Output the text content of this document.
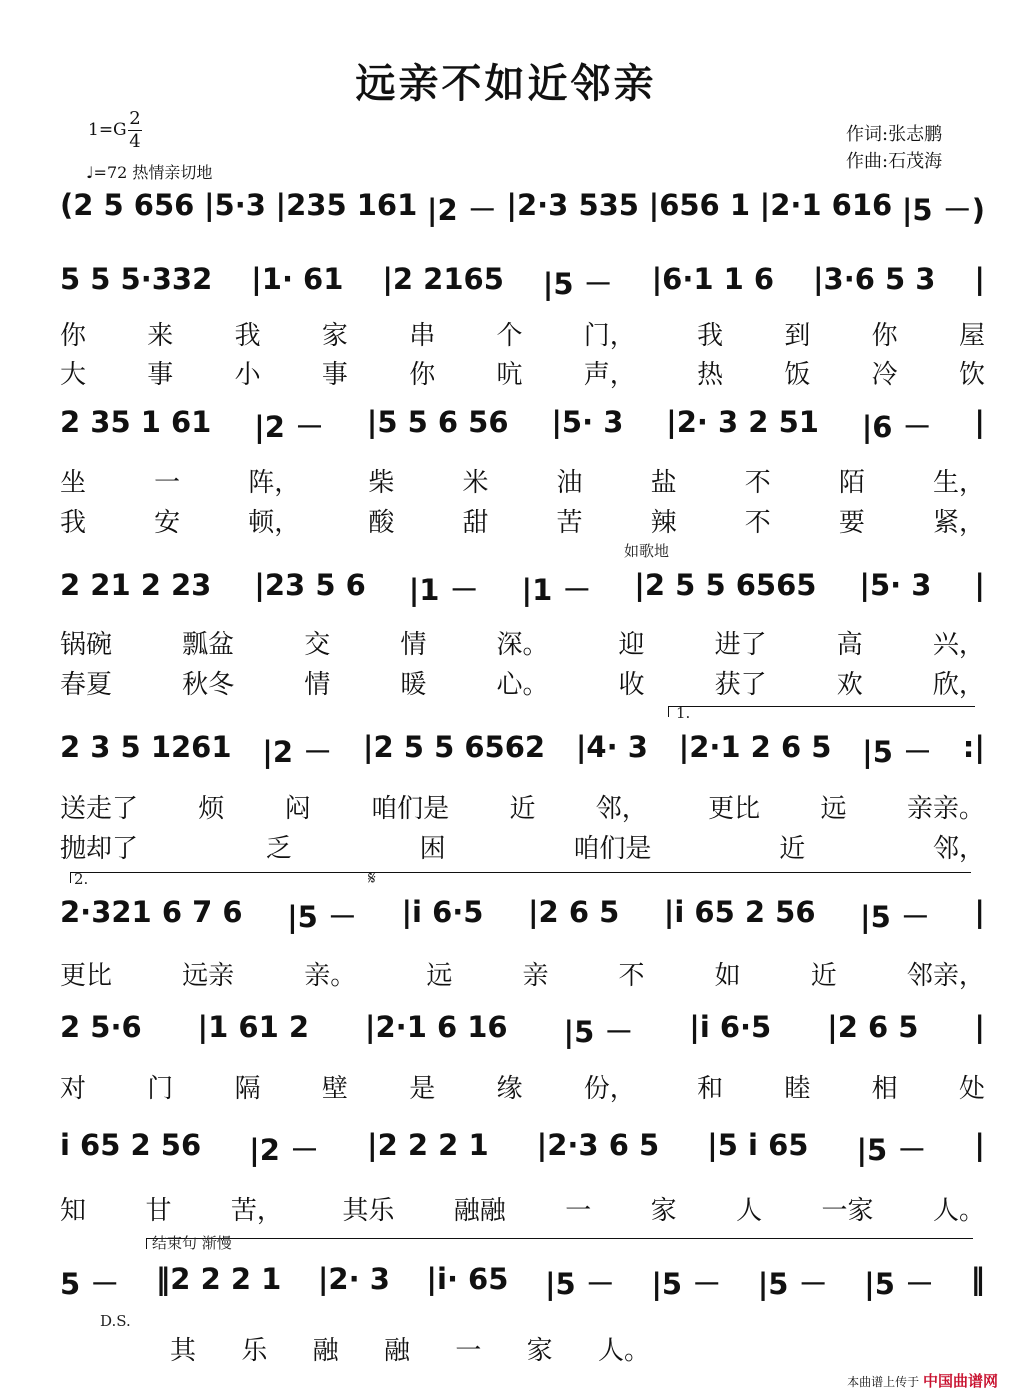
远亲不如近邻亲
1=G
2
4
♩=72 热情亲切地
作词:张志鹏
作曲:石茂海
(2 5 656 |5·3 |235 161 |2 － |2·3 535 |656 1 |2·1 616 |5 －)
5 5 5·332 |1· 61 |2 2165 |5 － |6·1 1 6 |3·6 5 3 |
2 35 1 61 |2 － |5 5 6 56 |5· 3 |2· 3 2 51 |6 － |
2 21 2 23 |23 5 6 |1 － |1 － |2 5 5 6565 |5· 3 |
2 3 5 1261 |2 － |2 5 5 6562 |4· 3 |2·1 2 6 5 |5 － :|
2·321 6 7 6 |5 － |i 6·5 |2 6 5 |i 65 2 56 |5 － |
2 5·6 |1 61 2 |2·1 6 16 |5 － |i 6·5 |2 6 5 |
i 65 2 56 |2 － |2 2 2 1 |2·3 6 5 |5 i 65 |5 － |
5 － ‖2 2 2 1 |2· 3 |i· 65 |5 － |5 － |5 － |5 － ‖
你 来 我 家 串 个 门， 我 到 你 屋
大 事 小 事 你 吭 声， 热 饭 冷 饮
坐	一	阵，	柴	米	油	盐	不	陌	生，
我	安	顿，	酸	甜	苦	辣	不	要	紧，
锅碗	瓢盆	交	情	深。	迎	进了	高	兴，
春夏	秋冬	情	暖	心。	收	获了	欢	欣，
送走了 烦 闷 咱们是 近 邻， 更比 远 亲亲。
抛却了	乏	困	咱们是	近	邻，
更比	远亲	亲。	远	亲	不	如	近	邻亲，
对 门 隔 壁 是 缘 份， 和 睦 相 处
知 甘 苦， 其乐 融融 一 家 人 一家 人。
其 乐 融 融 一 家 人。
如歌地
1.
2.	𝄋
结束句 渐慢
D.S.
本曲谱上传于 中国曲谱网
